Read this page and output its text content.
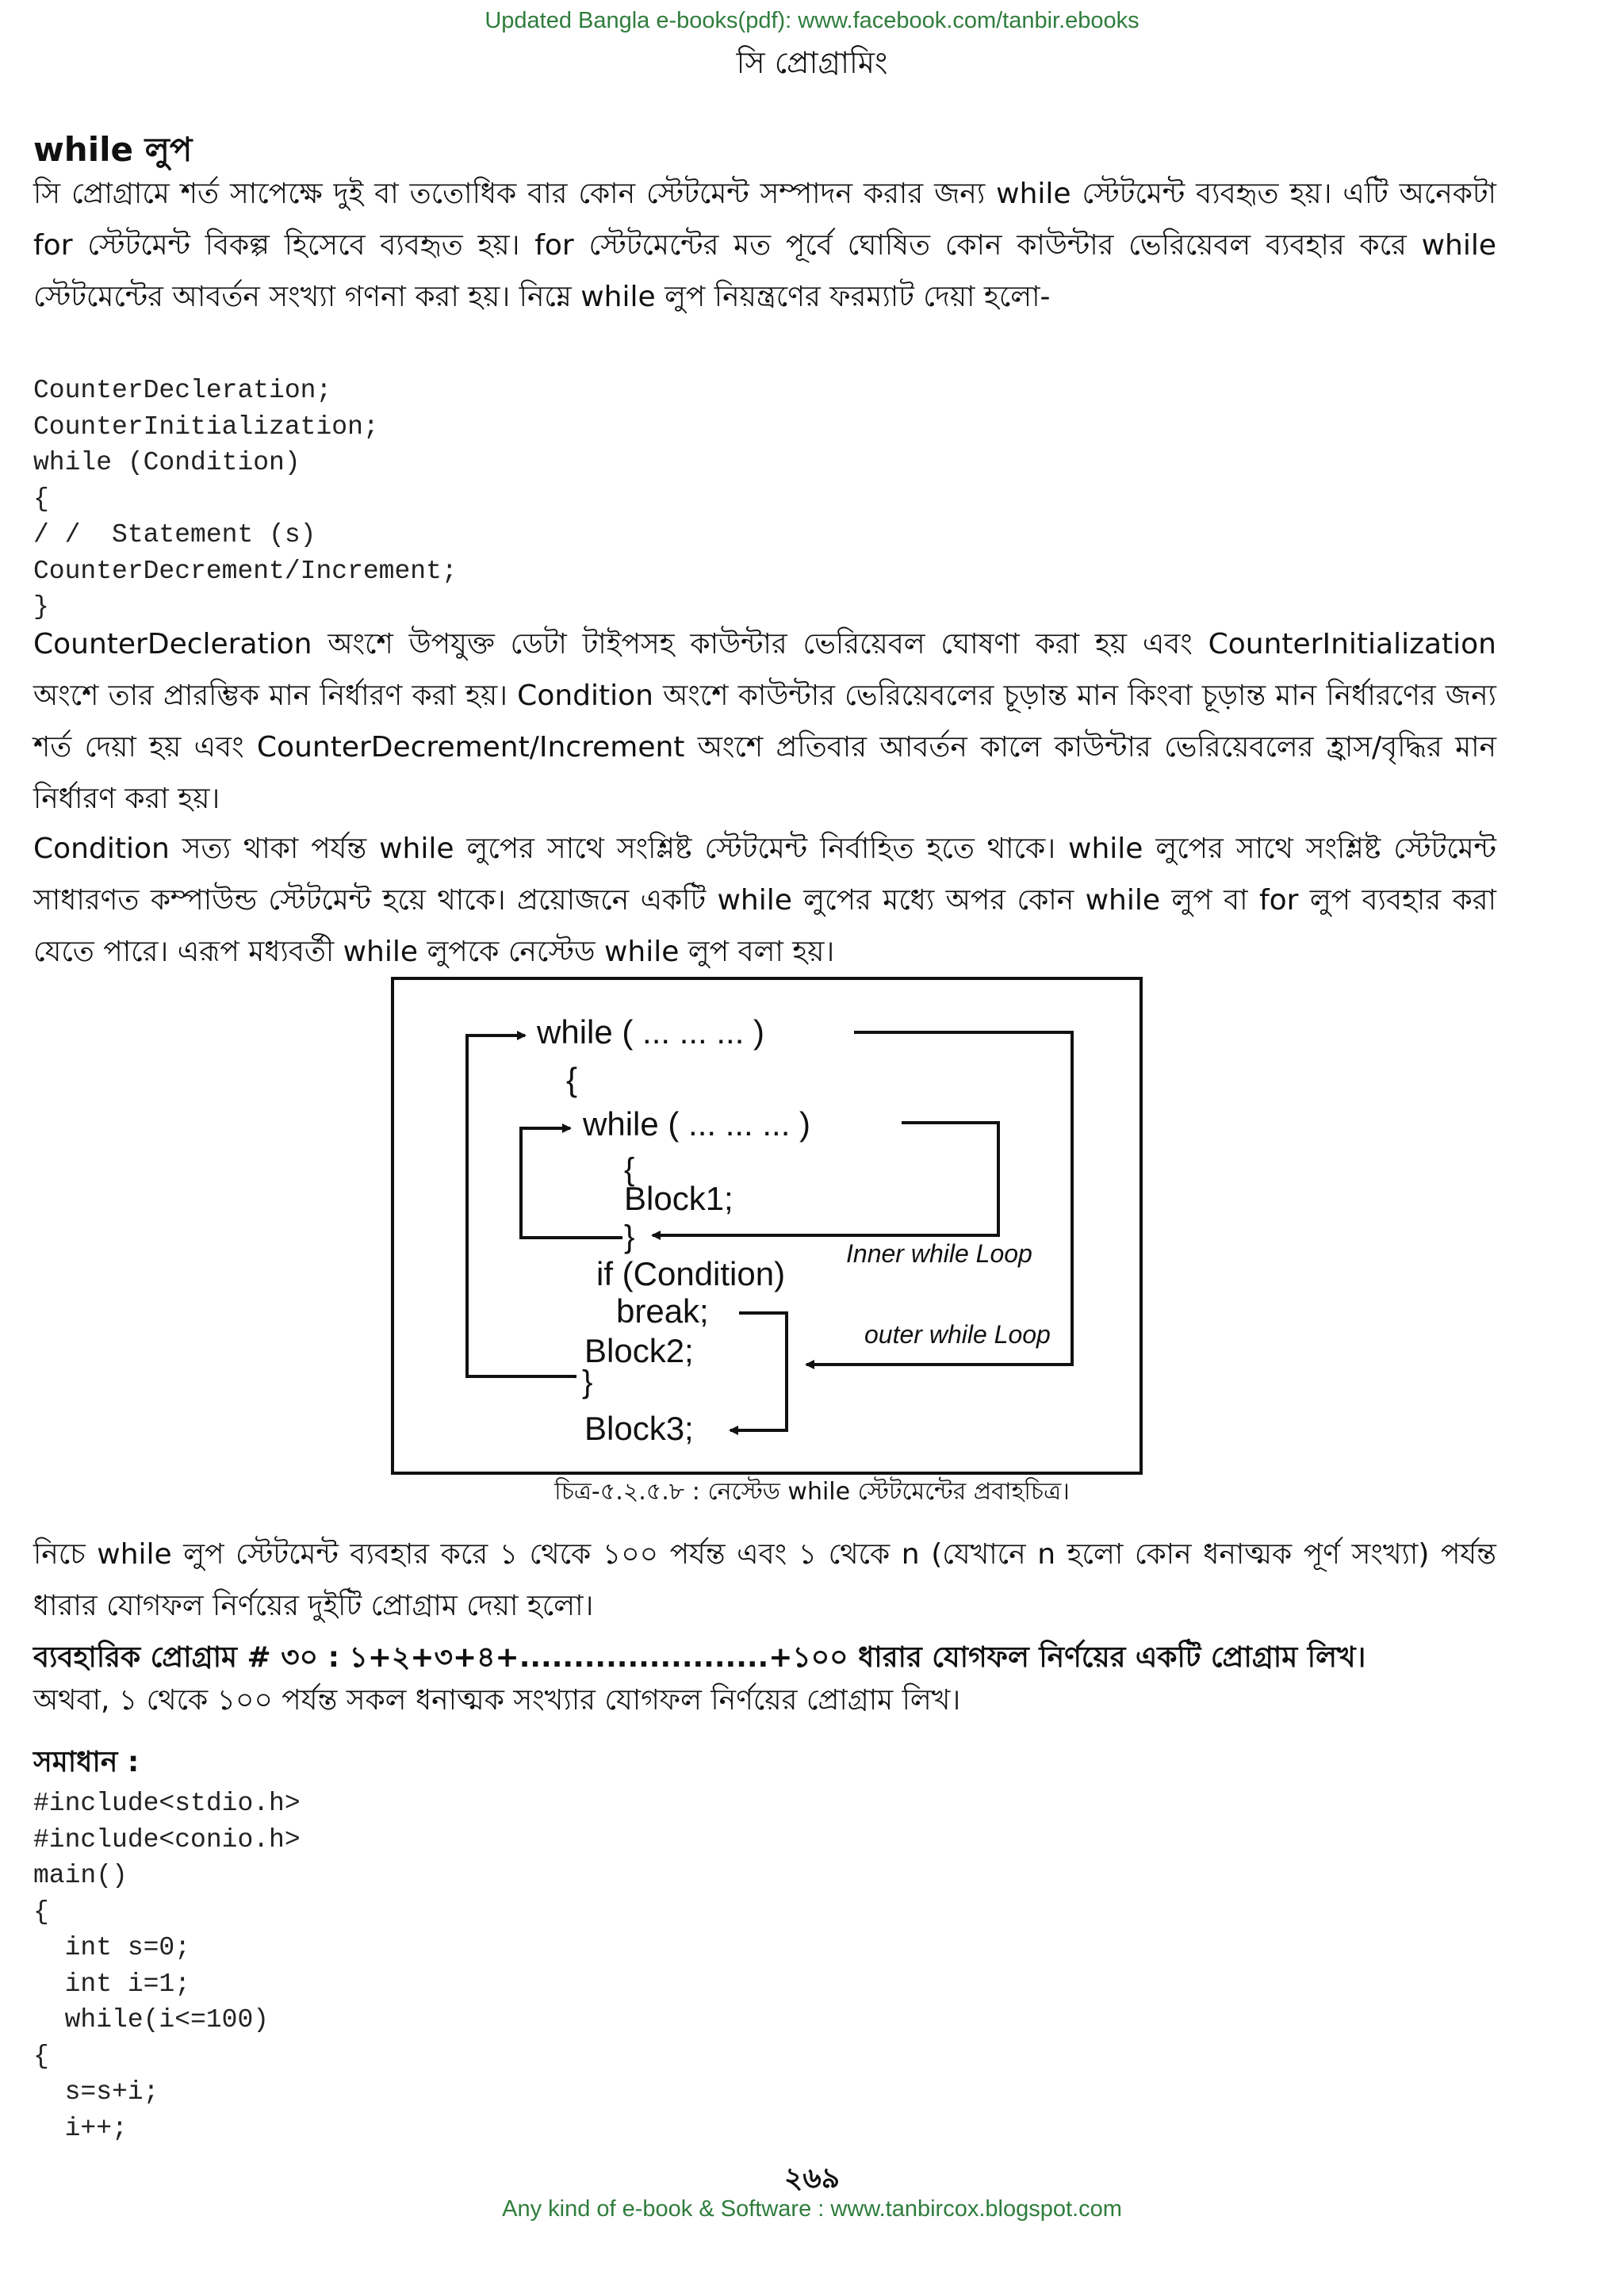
Updated Bangla e-books(pdf): www.facebook.com/tanbir.ebooks
সি প্রোগ্রামিং
while লুপ

সি প্রোগ্রামে শর্ত সাপেক্ষে দুই বা ততোধিক বার কোন স্টেটমেন্ট সম্পাদন করার জন্য while স্টেটমেন্ট ব্যবহৃত হয়। এটি অনেকটা for স্টেটমেন্ট বিকল্প হিসেবে ব্যবহৃত হয়। for স্টেটমেন্টের মত পূর্বে ঘোষিত কোন কাউন্টার ভেরিয়েবল ব্যবহার করে while স্টেটমেন্টের আবর্তন সংখ্যা গণনা করা হয়। নিম্নে while লুপ নিয়ন্ত্রণের ফরম্যাট দেয়া হলো-

CounterDecleration;
CounterInitialization;
while (Condition)
{
/ /  Statement (s)
CounterDecrement/Increment;
}

CounterDecleration অংশে উপযুক্ত ডেটা টাইপসহ কাউন্টার ভেরিয়েবল ঘোষণা করা হয় এবং CounterInitialization অংশে তার প্রারম্ভিক মান নির্ধারণ করা হয়। Condition অংশে কাউন্টার ভেরিয়েবলের চূড়ান্ত মান কিংবা চূড়ান্ত মান নির্ধারণের জন্য শর্ত দেয়া হয় এবং CounterDecrement/Increment অংশে প্রতিবার আবর্তন কালে কাউন্টার ভেরিয়েবলের হ্রাস/বৃদ্ধির মান নির্ধারণ করা হয়।

Condition সত্য থাকা পর্যন্ত while লুপের সাথে সংশ্লিষ্ট স্টেটমেন্ট নির্বাহিত হতে থাকে। while লুপের সাথে সংশ্লিষ্ট স্টেটমেন্ট সাধারণত কম্পাউন্ড স্টেটমেন্ট হয়ে থাকে। প্রয়োজনে একটি while লুপের মধ্যে অপর কোন while লুপ বা for লুপ ব্যবহার করা যেতে পারে। এরূপ মধ্যবর্তী while লুপকে নেস্টেড while লুপ বলা হয়।

while ( ... ... ... )
{
while ( ... ... ... )
{
Block1;
}	Inner while Loop
if (Condition)
break;
Block2;	outer while Loop
}
Block3;
চিত্র-৫.২.৫.৮ : নেস্টেড while স্টেটমেন্টের প্রবাহচিত্র।

নিচে while লুপ স্টেটমেন্ট ব্যবহার করে ১ থেকে ১০০ পর্যন্ত এবং ১ থেকে n (যেখানে n হলো কোন ধনাত্মক পূর্ণ সংখ্যা) পর্যন্ত ধারার যোগফল নির্ণয়ের দুইটি প্রোগ্রাম দেয়া হলো।

ব্যবহারিক প্রোগ্রাম # ৩০ : ১+২+৩+৪+.......................+১০০ ধারার যোগফল নির্ণয়ের একটি প্রোগ্রাম লিখ।

অথবা, ১ থেকে ১০০ পর্যন্ত সকল ধনাত্মক সংখ্যার যোগফল নির্ণয়ের প্রোগ্রাম লিখ।

সমাধান :
#include<stdio.h>
#include<conio.h>
main()
{
int s=0;
int i=1;
while(i<=100)
{
s=s+i;
i++;
২৬৯
Any kind of e-book & Software : www.tanbircox.blogspot.com
